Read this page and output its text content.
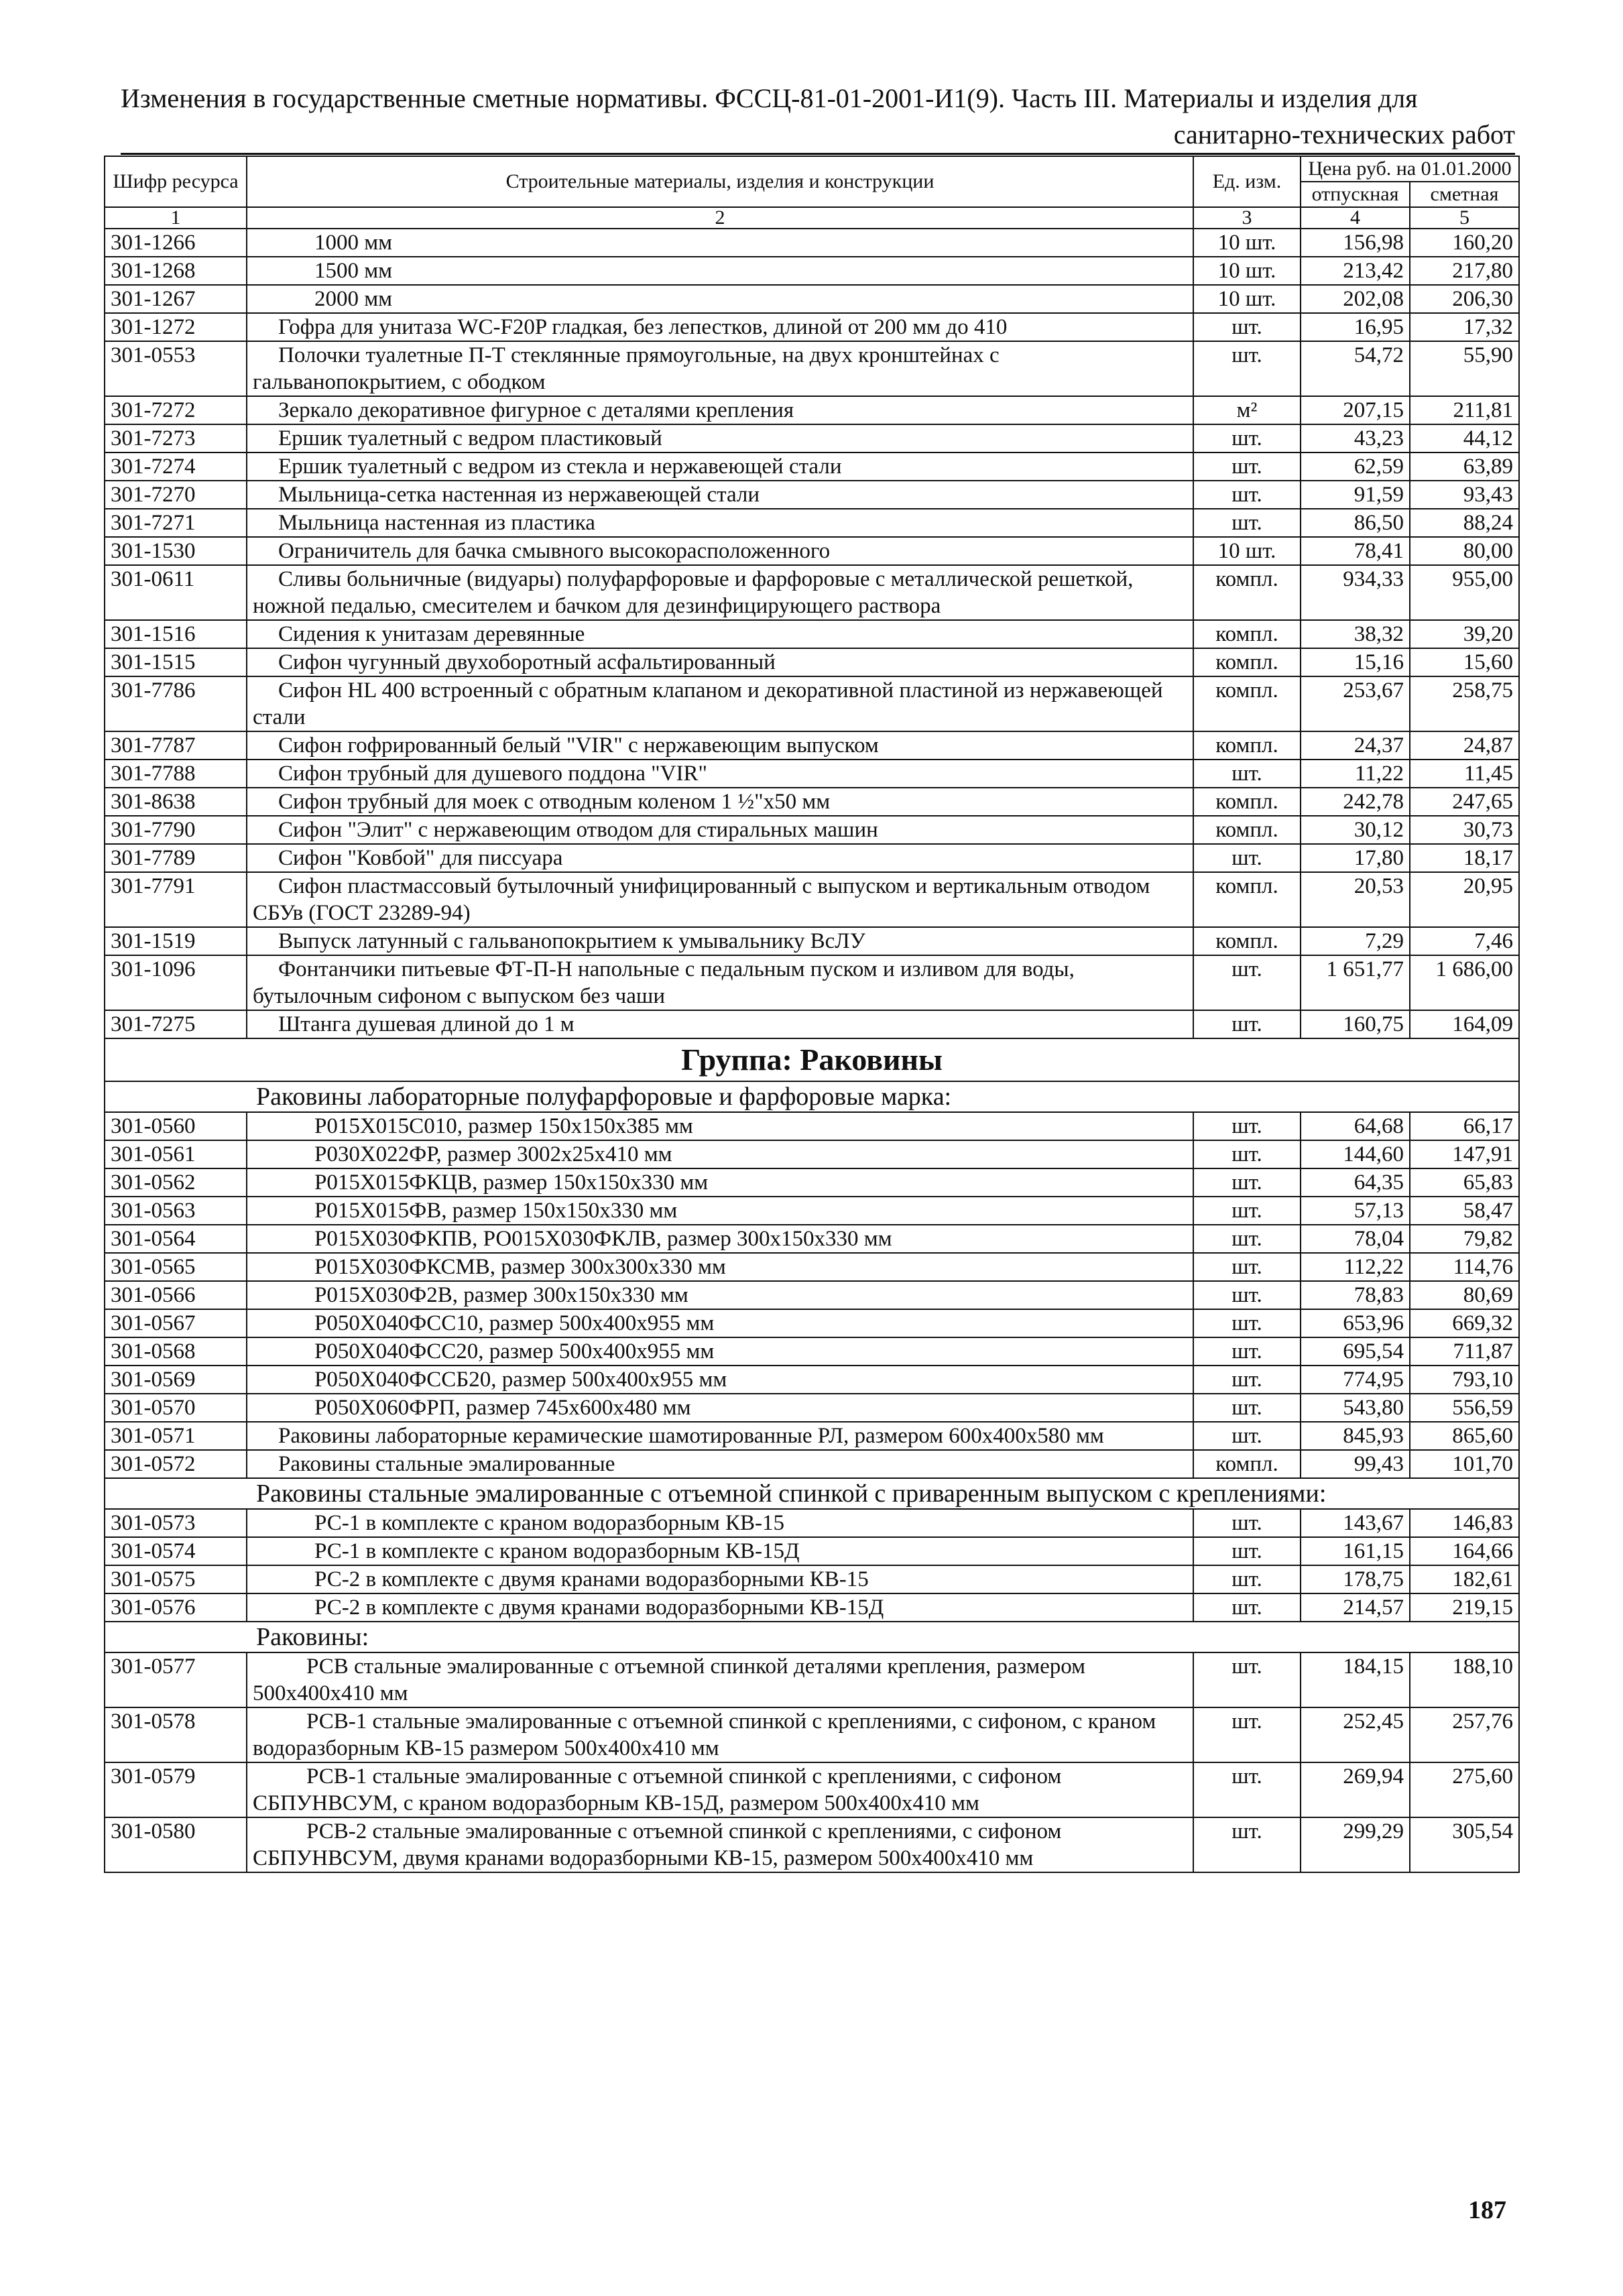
Изменения в государственные сметные нормативы. ФССЦ-81-01-2001-И1(9). Часть III. Материалы и изделия для
санитарно-технических работ
Шифр ресурса	Строительные материалы, изделия и конструкции	Ед. изм.	Цена руб. на 01.01.2000	
			отпускная	сметная
1	2	3	4	5
301-1266	1000 мм	10 шт.	156,98	160,20
301-1268	1500 мм	10 шт.	213,42	217,80
301-1267	2000 мм	10 шт.	202,08	206,30
301-1272	Гофра для унитаза WC-F20P гладкая, без лепестков, длиной от 200 мм до 410	шт.	16,95	17,32
301-0553	Полочки туалетные П-Т стеклянные прямоугольные, на двух кронштейнах с гальванопокрытием, с ободком	шт.	54,72	55,90
301-7272	Зеркало декоративное фигурное с деталями крепления	м²	207,15	211,81
301-7273	Ершик туалетный с ведром пластиковый	шт.	43,23	44,12
301-7274	Ершик туалетный с ведром из стекла и нержавеющей стали	шт.	62,59	63,89
301-7270	Мыльница-сетка настенная из нержавеющей стали	шт.	91,59	93,43
301-7271	Мыльница настенная из пластика	шт.	86,50	88,24
301-1530	Ограничитель для бачка смывного высокорасположенного	10 шт.	78,41	80,00
301-0611	Сливы больничные (видуары) полуфарфоровые и фарфоровые с металлической решеткой, ножной педалью, смесителем и бачком для дезинфицирующего раствора	компл.	934,33	955,00
301-1516	Сидения к унитазам деревянные	компл.	38,32	39,20
301-1515	Сифон чугунный двухоборотный асфальтированный	компл.	15,16	15,60
301-7786	Сифон HL 400 встроенный с обратным клапаном и декоративной пластиной из нержавеющей стали	компл.	253,67	258,75
301-7787	Сифон гофрированный белый "VIR" с нержавеющим выпуском	компл.	24,37	24,87
301-7788	Сифон трубный для душевого поддона "VIR"	шт.	11,22	11,45
301-8638	Сифон трубный для моек с отводным коленом 1 ½"х50 мм	компл.	242,78	247,65
301-7790	Сифон "Элит" с нержавеющим отводом для стиральных машин	компл.	30,12	30,73
301-7789	Сифон "Ковбой" для писсуара	шт.	17,80	18,17
301-7791	Сифон пластмассовый бутылочный унифицированный с выпуском и вертикальным отводом СБУв (ГОСТ 23289-94)	компл.	20,53	20,95
301-1519	Выпуск латунный с гальванопокрытием к умывальнику ВсЛУ	компл.	7,29	7,46
301-1096	Фонтанчики питьевые ФТ-П-Н напольные с педальным пуском и изливом для воды, бутылочным сифоном с выпуском без чаши	шт.	1 651,77	1 686,00
301-7275	Штанга душевая длиной до 1 м	шт.	160,75	164,09
Группа: Раковины				
Раковины лабораторные полуфарфоровые и фарфоровые марка:				
301-0560	Р015Х015С010, размер 150х150х385 мм	шт.	64,68	66,17
301-0561	Р030Х022ФР, размер 3002х25х410 мм	шт.	144,60	147,91
301-0562	Р015Х015ФКЦВ, размер 150х150х330 мм	шт.	64,35	65,83
301-0563	Р015Х015ФВ, размер 150х150х330 мм	шт.	57,13	58,47
301-0564	Р015Х030ФКПВ, РО015Х030ФКЛВ, размер 300х150х330 мм	шт.	78,04	79,82
301-0565	Р015Х030ФКСМВ, размер 300х300х330 мм	шт.	112,22	114,76
301-0566	Р015Х030Ф2В, размер 300х150х330 мм	шт.	78,83	80,69
301-0567	Р050Х040ФСС10, размер 500х400х955 мм	шт.	653,96	669,32
301-0568	Р050Х040ФСС20, размер 500х400х955 мм	шт.	695,54	711,87
301-0569	Р050Х040ФССБ20, размер 500х400х955 мм	шт.	774,95	793,10
301-0570	Р050Х060ФРП, размер 745х600х480 мм	шт.	543,80	556,59
301-0571	Раковины лабораторные керамические шамотированные РЛ, размером 600х400х580 мм	шт.	845,93	865,60
301-0572	Раковины стальные эмалированные	компл.	99,43	101,70
Раковины стальные эмалированные с отъемной спинкой с приваренным выпуском с креплениями:				
301-0573	РС-1 в комплекте с краном водоразборным КВ-15	шт.	143,67	146,83
301-0574	РС-1 в комплекте с краном водоразборным КВ-15Д	шт.	161,15	164,66
301-0575	РС-2 в комплекте с двумя кранами водоразборными КВ-15	шт.	178,75	182,61
301-0576	РС-2 в комплекте с двумя кранами водоразборными КВ-15Д	шт.	214,57	219,15
Раковины:				
301-0577	РСВ стальные эмалированные с отъемной спинкой деталями крепления, размером 500х400х410 мм	шт.	184,15	188,10
301-0578	РСВ-1 стальные эмалированные с отъемной спинкой с креплениями, с сифоном, с краном водоразборным КВ-15 размером 500х400х410 мм	шт.	252,45	257,76
301-0579	РСВ-1 стальные эмалированные с отъемной спинкой с креплениями, с сифоном СБПУНВСУМ, с краном водоразборным КВ-15Д, размером 500х400х410 мм	шт.	269,94	275,60
301-0580	РСВ-2 стальные эмалированные с отъемной спинкой с креплениями, с сифоном СБПУНВСУМ, двумя кранами водоразборными КВ-15, размером 500х400х410 мм	шт.	299,29	305,54
187
